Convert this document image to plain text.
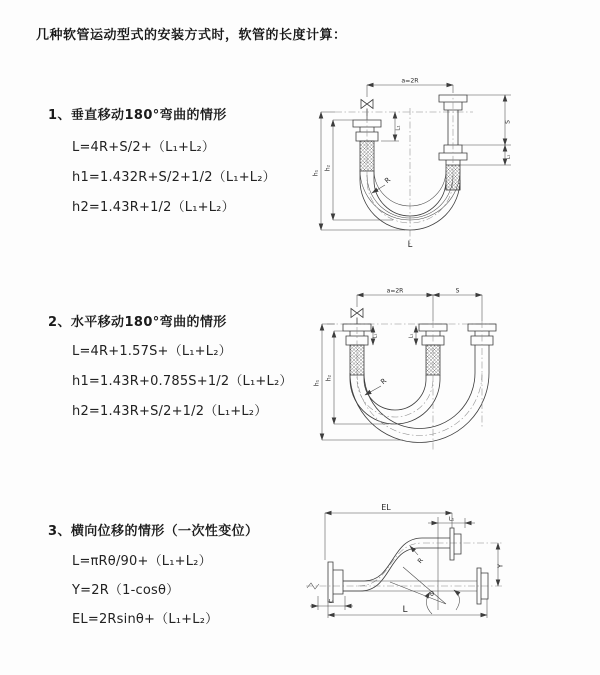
几种软管运动型式的安装方式时，软管的长度计算：
1、垂直移动180°弯曲的情形
L=4R+S/2+（L₁+L₂）
h1=1.432R+S/2+1/2（L₁+L₂）
h2=1.43R+1/2（L₁+L₂）
a=2R
L₁
S
L₁
h₁
h₂
R
L
2、水平移动180°弯曲的情形
L=4R+1.57S+（L₁+L₂）
h1=1.43R+0.785S+1/2（L₁+L₂）
h2=1.43R+S/2+1/2（L₁+L₂）
a=2R	S
L₁	L₁
h₁
h₂	R
3、横向位移的情形（一次性变位）
L=πRθ/90+（L₁+L₂）
Y=2R（1-cosθ）
EL=2Rsinθ+（L₁+L₂）
EL
L₁
R
θ
Y
L
L₁
